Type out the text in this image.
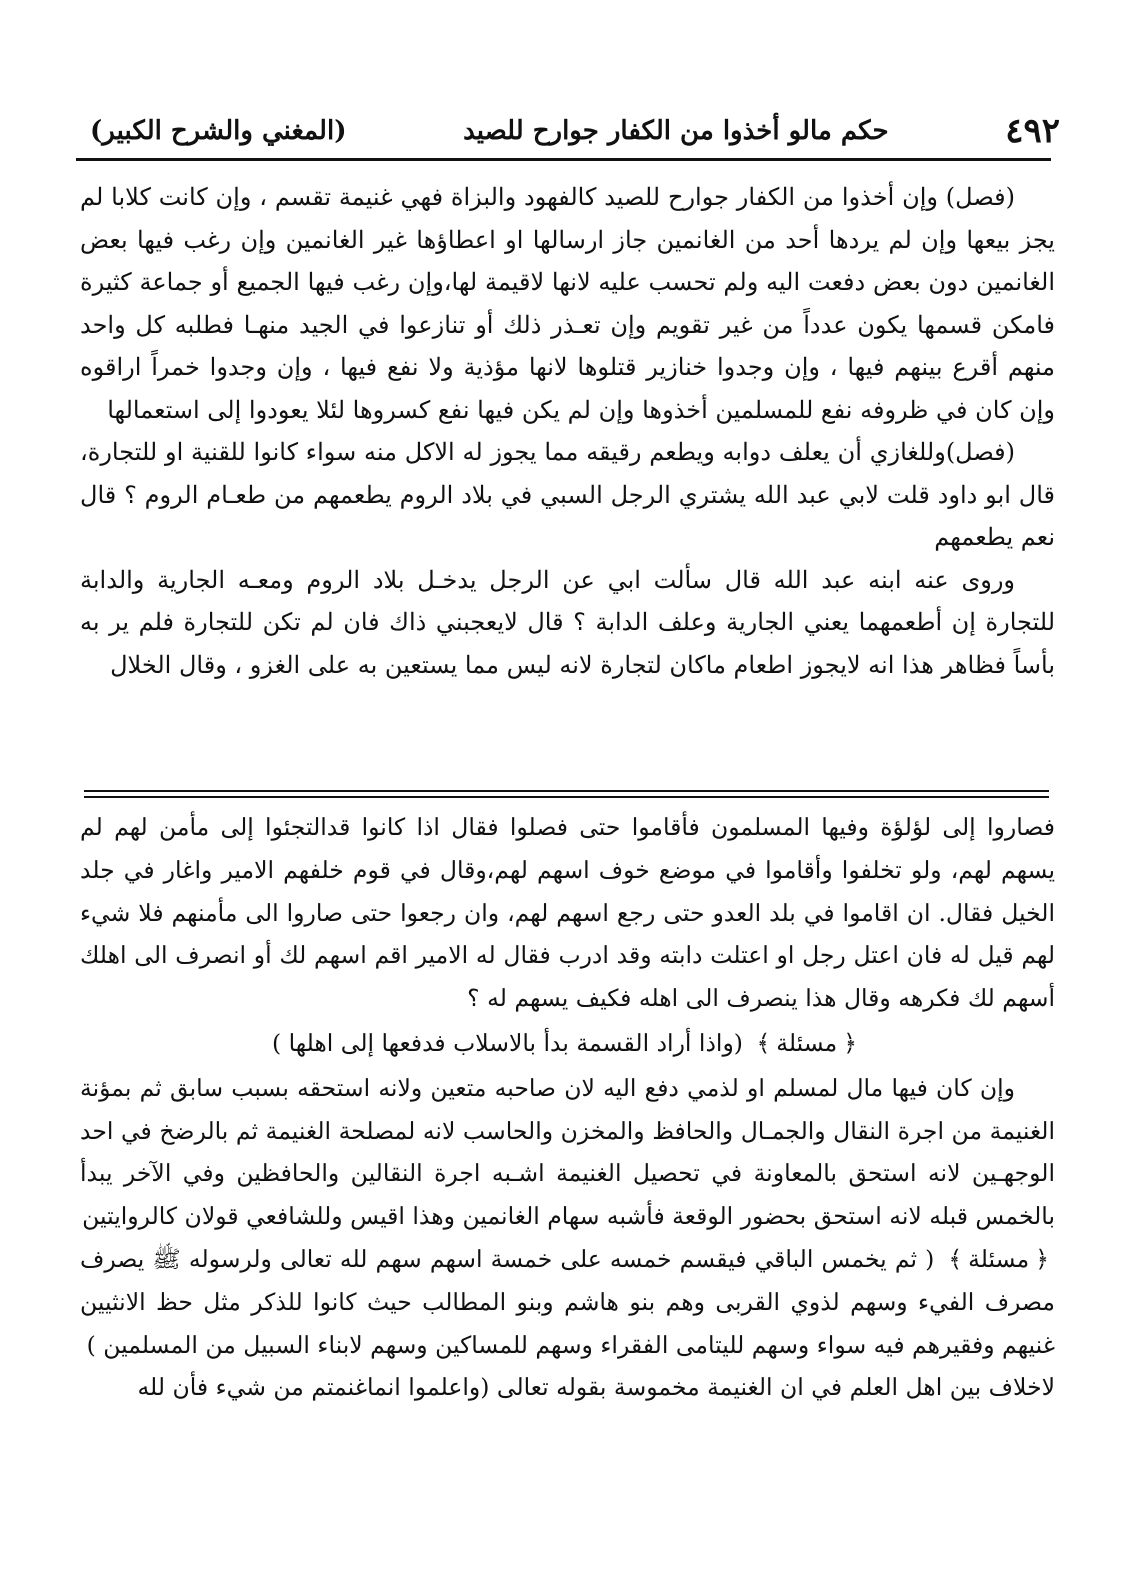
٤٩٢
حكم مالو أخذوا من الكفار جوارح للصيد
(المغني والشرح الكبير)

(فصل) وإن أخذوا من الكفار جوارح للصيد كالفهود والبزاة فهي غنيمة تقسم ، وإن كانت كلابا لم يجز بيعها وإن لم يردها أحد من الغانمين جاز ارسالها او اعطاؤها غير الغانمين وإن رغب فيها بعض الغانمين دون بعض دفعت اليه ولم تحسب عليه لانها لاقيمة لها،وإن رغب فيها الجميع أو جماعة كثيرة فامكن قسمها يكون عدداً من غير تقويم وإن تعـذر ذلك أو تنازعوا في الجيد منهـا فطلبه كل واحد منهم أقرع بينهم فيها ، وإن وجدوا خنازير قتلوها لانها مؤذية ولا نفع فيها ، وإن وجدوا خمراً اراقوه وإن كان في ظروفه نفع للمسلمين أخذوها وإن لم يكن فيها نفع كسروها لئلا يعودوا إلى استعمالها

(فصل)وللغازي أن يعلف دوابه ويطعم رقيقه مما يجوز له الاكل منه سواء كانوا للقنية او للتجارة، قال ابو داود قلت لابي عبد الله يشتري الرجل السبي في بلاد الروم يطعمهم من طعـام الروم ؟ قال نعم يطعمهم

وروى عنه ابنه عبد الله قال سألت ابي عن الرجل يدخـل بلاد الروم ومعـه الجارية والدابة للتجارة إن أطعمهما يعني الجارية وعلف الدابة ؟ قال لايعجبني ذاك فان لم تكن للتجارة فلم ير به بأساً فظاهر هذا انه لايجوز اطعام ماكان لتجارة لانه ليس مما يستعين به على الغزو ، وقال الخلال

فصاروا إلى لؤلؤة وفيها المسلمون فأقاموا حتى فصلوا فقال اذا كانوا قدالتجئوا إلى مأمن لهم لم يسهم لهم، ولو تخلفوا وأقاموا في موضع خوف اسهم لهم،وقال في قوم خلفهم الامير واغار في جلد الخيل فقال. ان اقاموا في بلد العدو حتى رجع اسهم لهم، وان رجعوا حتى صاروا الى مأمنهم فلا شيء لهم قيل له فان اعتل رجل او اعتلت دابته وقد ادرب فقال له الامير اقم اسهم لك أو انصرف الى اهلك أسهم لك فكرهه وقال هذا ينصرف الى اهله فكيف يسهم له ؟

﴿مسئلة﴾ (واذا أراد القسمة بدأ بالاسلاب فدفعها إلى اهلها )

وإن كان فيها مال لمسلم او لذمي دفع اليه لان صاحبه متعين ولانه استحقه بسبب سابق ثم بمؤنة الغنيمة من اجرة النقال والجمـال والحافظ والمخزن والحاسب لانه لمصلحة الغنيمة ثم بالرضخ في احد الوجهـين لانه استحق بالمعاونة في تحصيل الغنيمة اشـبه اجرة النقالين والحافظين وفي الآخر يبدأ بالخمس قبله لانه استحق بحضور الوقعة فأشبه سهام الغانمين وهذا اقيس وللشافعي قولان كالروايتين

﴿مسئلة﴾ ( ثم يخمس الباقي فيقسم خمسه على خمسة اسهم سهم لله تعالى ولرسوله ﷺ يصرف مصرف الفيء وسهم لذوي القربى وهم بنو هاشم وبنو المطالب حيث كانوا للذكر مثل حظ الانثيين غنيهم وفقيرهم فيه سواء وسهم لليتامى الفقراء وسهم للمساكين وسهم لابناء السبيل من المسلمين )

لاخلاف بين اهل العلم في ان الغنيمة مخموسة بقوله تعالى (واعلموا انماغنمتم من شيء فأن لله
